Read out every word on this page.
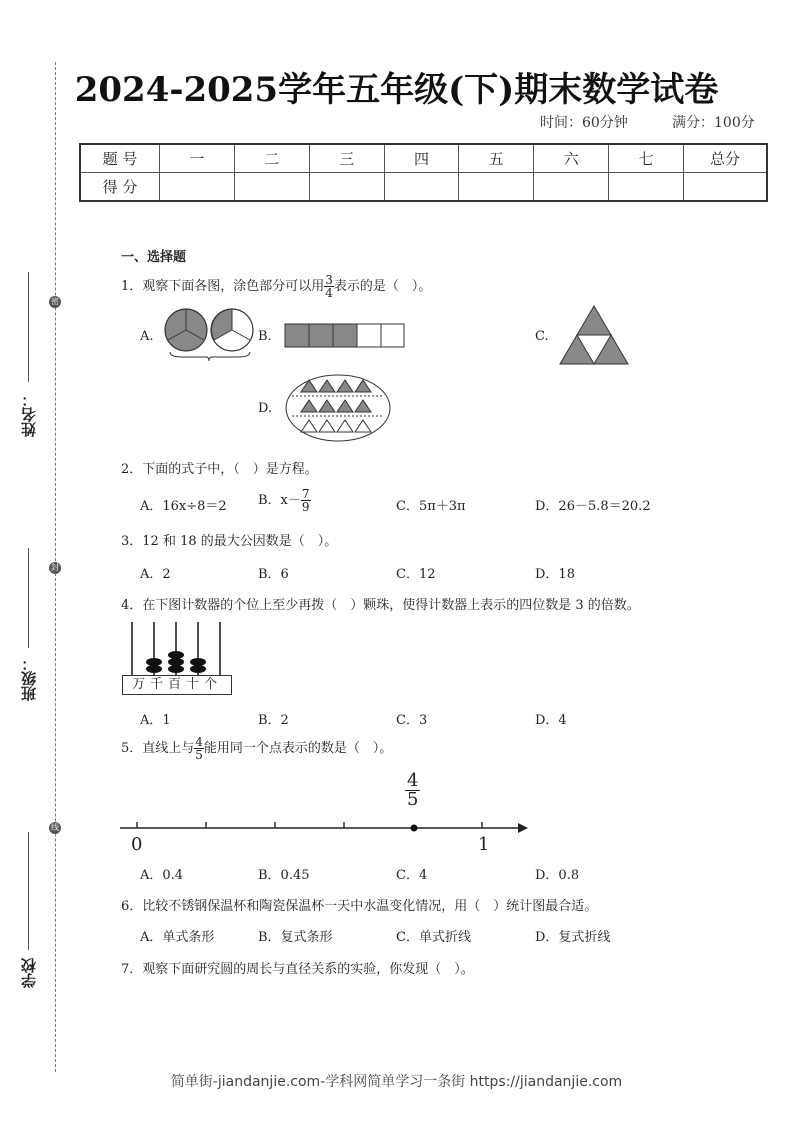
2024-2025学年五年级(下)期末数学试卷
时间：60分钟	满分：100分
题 号	一	二	三	四	五	六	七	总分
得 分								
姓名：
班级：
学校
密
封
线
一、选择题
1．观察下面各图，涂色部分可以用 $\frac{3}{4}$ 表示的是（　）。
A.	B.	C.
D.
2．下面的式子中，（　）是方程。
A．16x÷8＝2 B．$x- \frac{7}{9}$	C．5π＋3π	D．26－5.8＝20.2
3．12 和 18 的最大公因数是（　）。
A．2	B．6	C．12	D．18
4．在下图计数器的个位上至少再拨（　）颗珠，使得计数器上表示的四位数是 3 的倍数。
万千百十个
A．1	B．2	C．3	D．4
5．直线上与 $\frac{4}{5}$ 能用同一个点表示的数是（　）。
0	1
$\frac{4}{5}$
A．0.4	B．0.45	C．4	D．0.8
6．比较不锈钢保温杯和陶瓷保温杯一天中水温变化情况，用（　）统计图最合适。
A．单式条形	B．复式条形	C．单式折线	D．复式折线
7．观察下面研究圆的周长与直径关系的实验，你发现（　）。
简单街-jiandanjie.com-学科网简单学习一条街 https://jiandanjie.com
